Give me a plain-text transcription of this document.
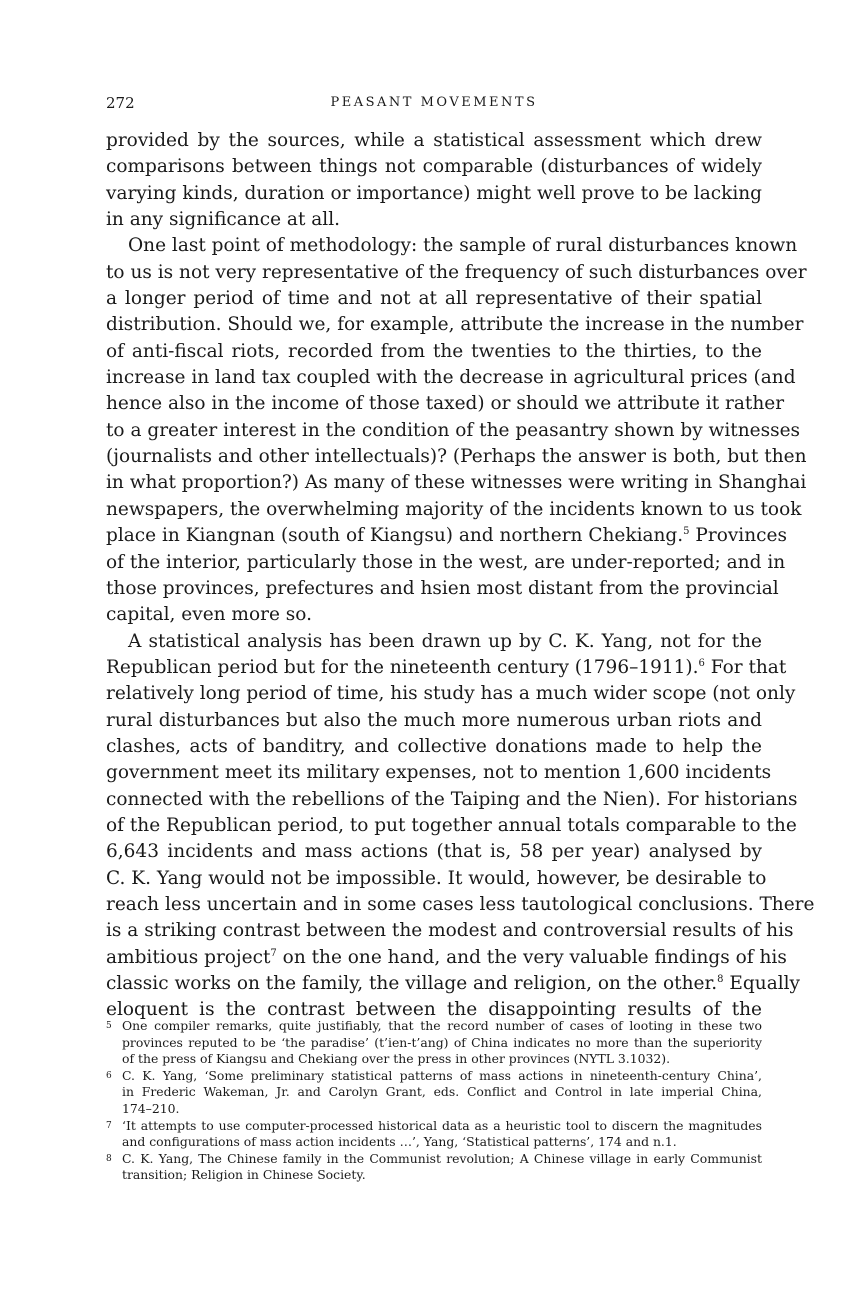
272	PEASANT MOVEMENTS
provided by the sources, while a statistical assessment which drew
comparisons between things not comparable (disturbances of widely
varying kinds, duration or importance) might well prove to be lacking
in any significance at all.
One last point of methodology: the sample of rural disturbances known
to us is not very representative of the frequency of such disturbances over
a longer period of time and not at all representative of their spatial
distribution. Should we, for example, attribute the increase in the number
of anti-fiscal riots, recorded from the twenties to the thirties, to the
increase in land tax coupled with the decrease in agricultural prices (and
hence also in the income of those taxed) or should we attribute it rather
to a greater interest in the condition of the peasantry shown by witnesses
(journalists and other intellectuals)? (Perhaps the answer is both, but then
in what proportion?) As many of these witnesses were writing in Shanghai
newspapers, the overwhelming majority of the incidents known to us took
place in Kiangnan (south of Kiangsu) and northern Chekiang.$^5$ Provinces
of the interior, particularly those in the west, are under-reported; and in
those provinces, prefectures and hsien most distant from the provincial
capital, even more so.
A statistical analysis has been drawn up by C. K. Yang, not for the
Republican period but for the nineteenth century (1796–1911).$^6$ For that
relatively long period of time, his study has a much wider scope (not only
rural disturbances but also the much more numerous urban riots and
clashes, acts of banditry, and collective donations made to help the
government meet its military expenses, not to mention 1,600 incidents
connected with the rebellions of the Taiping and the Nien). For historians
of the Republican period, to put together annual totals comparable to the
6,643 incidents and mass actions (that is, 58 per year) analysed by
C. K. Yang would not be impossible. It would, however, be desirable to
reach less uncertain and in some cases less tautological conclusions. There
is a striking contrast between the modest and controversial results of his
ambitious project$^7$ on the one hand, and the very valuable findings of his
classic works on the family, the village and religion, on the other.$^8$ Equally
eloquent is the contrast between the disappointing results of the
5 One compiler remarks, quite justifiably, that the record number of cases of looting in these two
provinces reputed to be ‘the paradise’ (t’ien-t’ang) of China indicates no more than the superiority
of the press of Kiangsu and Chekiang over the press in other provinces (NYTL 3.1032).
6 C. K. Yang, ‘Some preliminary statistical patterns of mass actions in nineteenth-century China’,
in Frederic Wakeman, Jr. and Carolyn Grant, eds. Conflict and Control in late imperial China,
174–210.
7 ‘It attempts to use computer-processed historical data as a heuristic tool to discern the magnitudes
and configurations of mass action incidents …’, Yang, ‘Statistical patterns’, 174 and n.1.
8 C. K. Yang, The Chinese family in the Communist revolution; A Chinese village in early Communist
transition; Religion in Chinese Society.
